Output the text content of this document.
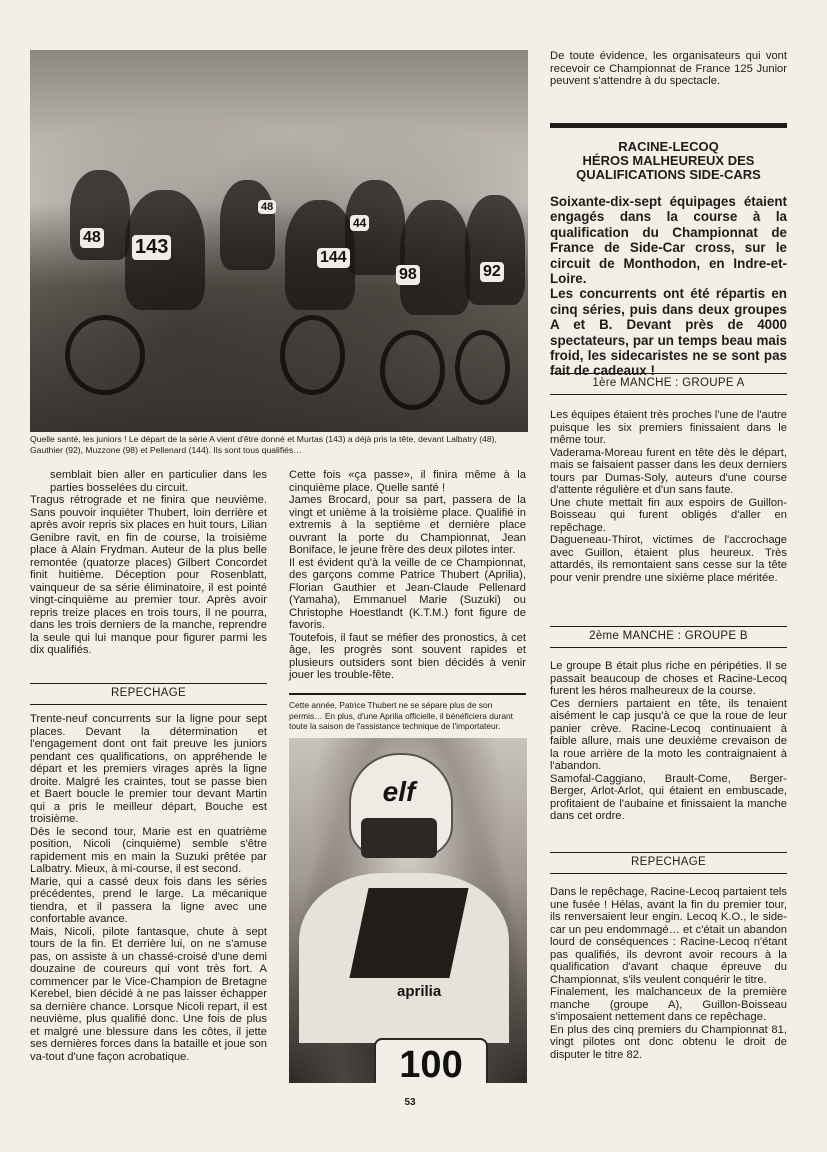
143
48
144
98	92
44
48
Quelle santé, les juniors ! Le départ de la série A vient d'être donné et Murtas (143) a déjà pris la tête, devant Lalbatry (48), Gauthier (92), Muzzone (98) et Pellenard (144). Ils sont tous qualifiés…

semblait bien aller en particulier dans les parties bosselées du circuit.

Tragus rétrograde et ne finira que neuvième. Sans pouvoir inquiéter Thubert, loin derrière et après avoir repris six places en huit tours, Lilian Genibre ravit, en fin de course, la troisième place à Alain Frydman. Auteur de la plus belle remontée (quatorze places) Gilbert Concordet finit huitième. Déception pour Rosenblatt, vainqueur de sa série éliminatoire, il est pointé vingt-cinquième au premier tour. Après avoir repris treize places en trois tours, il ne pourra, dans les trois derniers de la manche, reprendre la seule qui lui manque pour figurer parmi les dix qualifiés.

REPECHAGE

Trente-neuf concurrents sur la ligne pour sept places. Devant la détermination et l'engagement dont ont fait preuve les juniors pendant ces qualifications, on appréhende le départ et les premiers virages après la ligne droite. Malgré les craintes, tout se passe bien et Baert boucle le premier tour devant Martin qui a pris le meilleur départ, Bouche est troisième.

Dès le second tour, Marie est en quatrième position, Nicoli (cinquième) semble s'être rapidement mis en main la Suzuki prêtée par Lalbatry. Mieux, à mi-course, il est second.

Marie, qui a cassé deux fois dans les séries précédentes, prend le large. La mécanique tiendra, et il passera la ligne avec une confortable avance.

Mais, Nicoli, pilote fantasque, chute à sept tours de la fin. Et derrière lui, on ne s'amuse pas, on assiste à un chassé-croisé d'une demi douzaine de coureurs qui vont très fort. A commencer par le Vice-Champion de Bretagne Kerebel, bien décidé à ne pas laisser échapper sa dernière chance. Lorsque Nicoli repart, il est neuvième, plus qualifié donc. Une fois de plus et malgré une blessure dans les côtes, il jette ses dernières forces dans la bataille et joue son va-tout d'une façon acrobatique.

Cette fois «ça passe», il finira même à la cinquième place. Quelle santé !

James Brocard, pour sa part, passera de la vingt et unième à la troisième place. Qualifié in extremis à la septième et dernière place ouvrant la porte du Championnat, Jean Boniface, le jeune frère des deux pilotes inter.

Il est évident qu'à la veille de ce Championnat, des garçons comme Patrice Thubert (Aprilia), Florian Gauthier et Jean-Claude Pellenard (Yamaha), Emmanuel Marie (Suzuki) ou Christophe Hoestlandt (K.T.M.) font figure de favoris.

Toutefois, il faut se méfier des pronostics, à cet âge, les progrès sont souvent rapides et plusieurs outsiders sont bien décidés à venir jouer les trouble-fête.

Cette année, Patrice Thubert ne se sépare plus de son permis… En plus, d'une Aprilia officielle, il bénéficiera durant toute la saison de l'assistance technique de l'importateur.
elf
aprilia
100
De toute évidence, les organisateurs qui vont recevoir ce Championnat de France 125 Junior peuvent s'attendre à du spectacle.
RACINE-LECOQ
HÉROS MALHEUREUX DES
QUALIFICATIONS SIDE-CARS

Soixante-dix-sept équipages étaient engagés dans la course à la qualification du Championnat de France de Side-Car cross, sur le circuit de Monthodon, en Indre-et-Loire.

Les concurrents ont été répartis en cinq séries, puis dans deux groupes A et B. Devant près de 4000 spectateurs, par un temps beau mais froid, les sidecaristes ne se sont pas fait de cadeaux !

1ère MANCHE : GROUPE A

Les équipes étaient très proches l'une de l'autre puisque les six premiers finissaient dans le même tour.

Vaderama-Moreau furent en tête dès le départ, mais se faisaient passer dans les deux derniers tours par Dumas-Soly, auteurs d'une course d'attente régulière et d'un sans faute.

Une chute mettait fin aux espoirs de Guillon-Boisseau qui furent obligés d'aller en repêchage.

Dagueneau-Thirot, victimes de l'accrochage avec Guillon, étaient plus heureux. Très attardés, ils remontaient sans cesse sur la tête pour venir prendre une sixième place méritée.

2ème MANCHE : GROUPE B

Le groupe B était plus riche en péripéties. Il se passait beaucoup de choses et Racine-Lecoq furent les héros malheureux de la course.

Ces derniers partaient en tête, ils tenaient aisément le cap jusqu'à ce que la roue de leur panier crève. Racine-Lecoq continuaient à faible allure, mais une deuxième crevaison de la roue arrière de la moto les contraignaient à l'abandon.

Samofal-Caggiano, Brault-Come, Berger-Berger, Arlot-Arlot, qui étaient en embuscade, profitaient de l'aubaine et finissaient la manche dans cet ordre.

REPECHAGE

Dans le repêchage, Racine-Lecoq partaient tels une fusée ! Hélas, avant la fin du premier tour, ils renversaient leur engin. Lecoq K.O., le side-car un peu endommagé… et c'était un abandon lourd de conséquences : Racine-Lecoq n'étant pas qualifiés, ils devront avoir recours à la qualification d'avant chaque épreuve du Championnat, s'ils veulent conquérir le titre.

Finalement, les malchanceux de la première manche (groupe A), Guillon-Boisseau s'imposaient nettement dans ce repêchage.

En plus des cinq premiers du Championnat 81, vingt pilotes ont donc obtenu le droit de disputer le titre 82.

53
